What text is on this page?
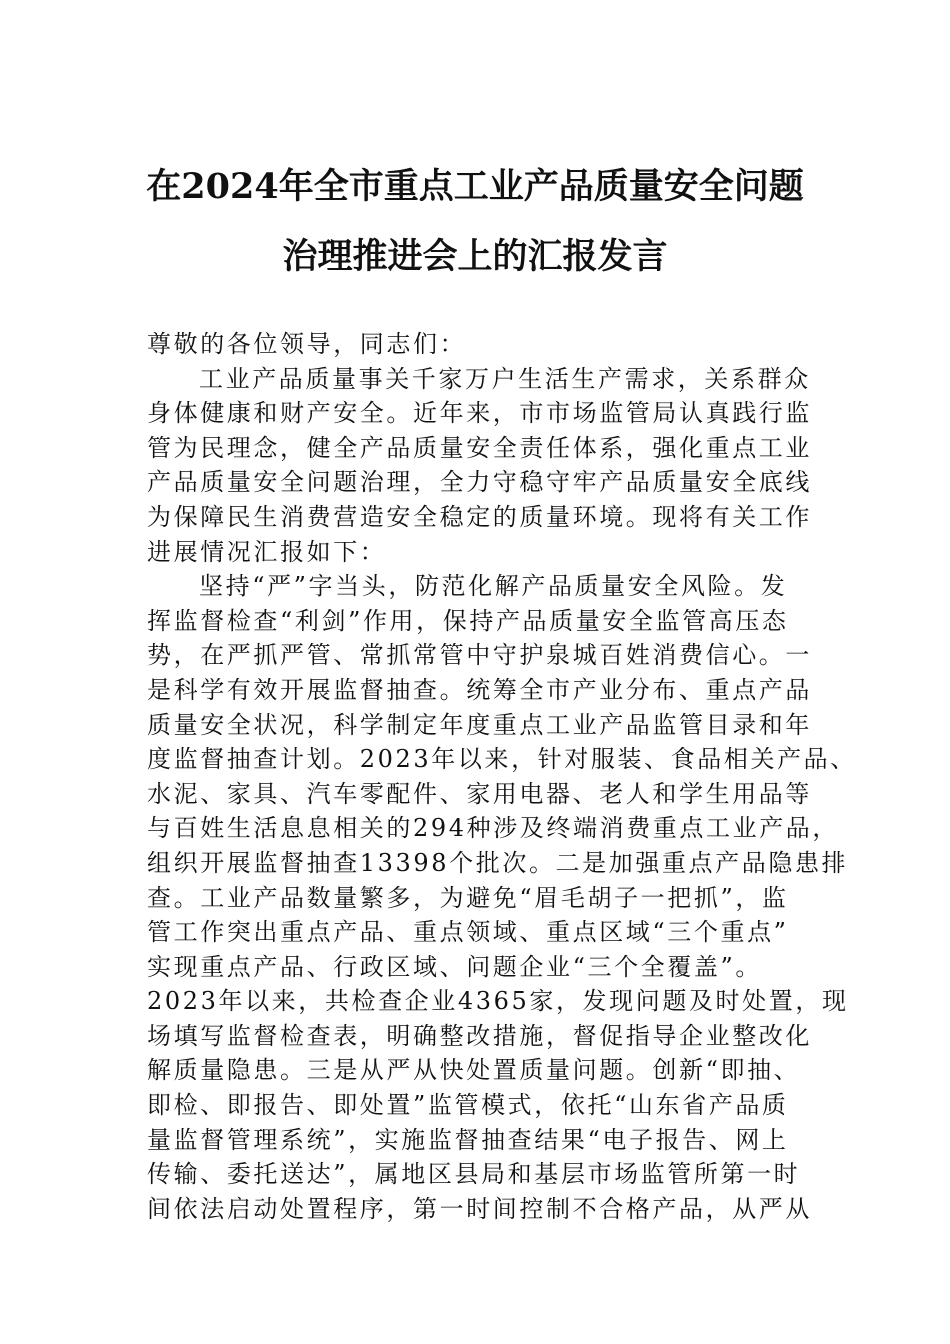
在2024年全市重点工业产品质量安全问题
治理推进会上的汇报发言
尊敬的各位领导，同志们：
工业产品质量事关千家万户生活生产需求，关系群众
身体健康和财产安全。近年来，市市场监管局认真践行监
管为民理念，健全产品质量安全责任体系，强化重点工业
产品质量安全问题治理，全力守稳守牢产品质量安全底线
为保障民生消费营造安全稳定的质量环境。现将有关工作
进展情况汇报如下：
坚持“严”字当头，防范化解产品质量安全风险。发
挥监督检查“利剑”作用，保持产品质量安全监管高压态
势，在严抓严管、常抓常管中守护泉城百姓消费信心。一
是科学有效开展监督抽查。统筹全市产业分布、重点产品
质量安全状况，科学制定年度重点工业产品监管目录和年
度监督抽查计划。2023年以来，针对服装、食品相关产品、
水泥、家具、汽车零配件、家用电器、老人和学生用品等
与百姓生活息息相关的294种涉及终端消费重点工业产品，
组织开展监督抽查13398个批次。二是加强重点产品隐患排
查。工业产品数量繁多，为避免“眉毛胡子一把抓”，监
管工作突出重点产品、重点领域、重点区域“三个重点”
实现重点产品、行政区域、问题企业“三个全覆盖”。
2023年以来，共检查企业4365家，发现问题及时处置，现
场填写监督检查表，明确整改措施，督促指导企业整改化
解质量隐患。三是从严从快处置质量问题。创新“即抽、
即检、即报告、即处置”监管模式，依托“山东省产品质
量监督管理系统”，实施监督抽查结果“电子报告、网上
传输、委托送达”，属地区县局和基层市场监管所第一时
间依法启动处置程序，第一时间控制不合格产品，从严从
